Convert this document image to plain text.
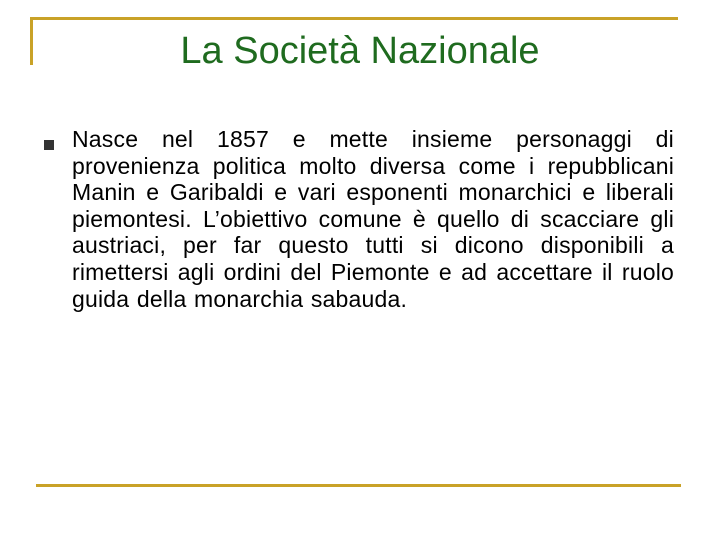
La Società Nazionale
Nasce nel 1857 e mette insieme personaggi di provenienza politica molto diversa come i repubblicani Manin e Garibaldi e vari esponenti monarchici e liberali piemontesi. L’obiettivo comune è quello di scacciare gli austriaci, per far questo tutti si dicono disponibili a rimettersi agli ordini del Piemonte e ad accettare il ruolo guida della monarchia sabauda.
